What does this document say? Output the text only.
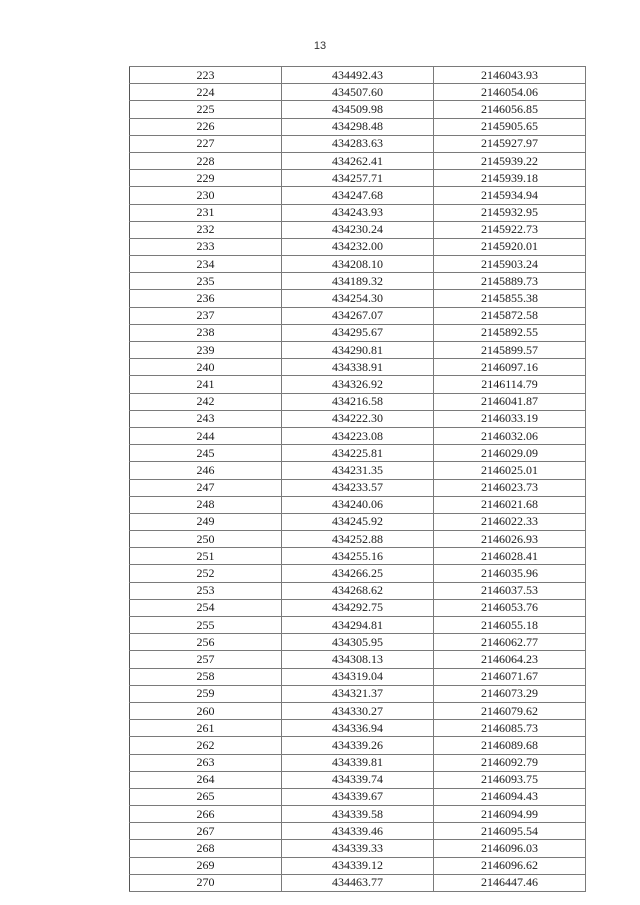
13
223	434492.43	2146043.93
224	434507.60	2146054.06
225	434509.98	2146056.85
226	434298.48	2145905.65
227	434283.63	2145927.97
228	434262.41	2145939.22
229	434257.71	2145939.18
230	434247.68	2145934.94
231	434243.93	2145932.95
232	434230.24	2145922.73
233	434232.00	2145920.01
234	434208.10	2145903.24
235	434189.32	2145889.73
236	434254.30	2145855.38
237	434267.07	2145872.58
238	434295.67	2145892.55
239	434290.81	2145899.57
240	434338.91	2146097.16
241	434326.92	2146114.79
242	434216.58	2146041.87
243	434222.30	2146033.19
244	434223.08	2146032.06
245	434225.81	2146029.09
246	434231.35	2146025.01
247	434233.57	2146023.73
248	434240.06	2146021.68
249	434245.92	2146022.33
250	434252.88	2146026.93
251	434255.16	2146028.41
252	434266.25	2146035.96
253	434268.62	2146037.53
254	434292.75	2146053.76
255	434294.81	2146055.18
256	434305.95	2146062.77
257	434308.13	2146064.23
258	434319.04	2146071.67
259	434321.37	2146073.29
260	434330.27	2146079.62
261	434336.94	2146085.73
262	434339.26	2146089.68
263	434339.81	2146092.79
264	434339.74	2146093.75
265	434339.67	2146094.43
266	434339.58	2146094.99
267	434339.46	2146095.54
268	434339.33	2146096.03
269	434339.12	2146096.62
270	434463.77	2146447.46
